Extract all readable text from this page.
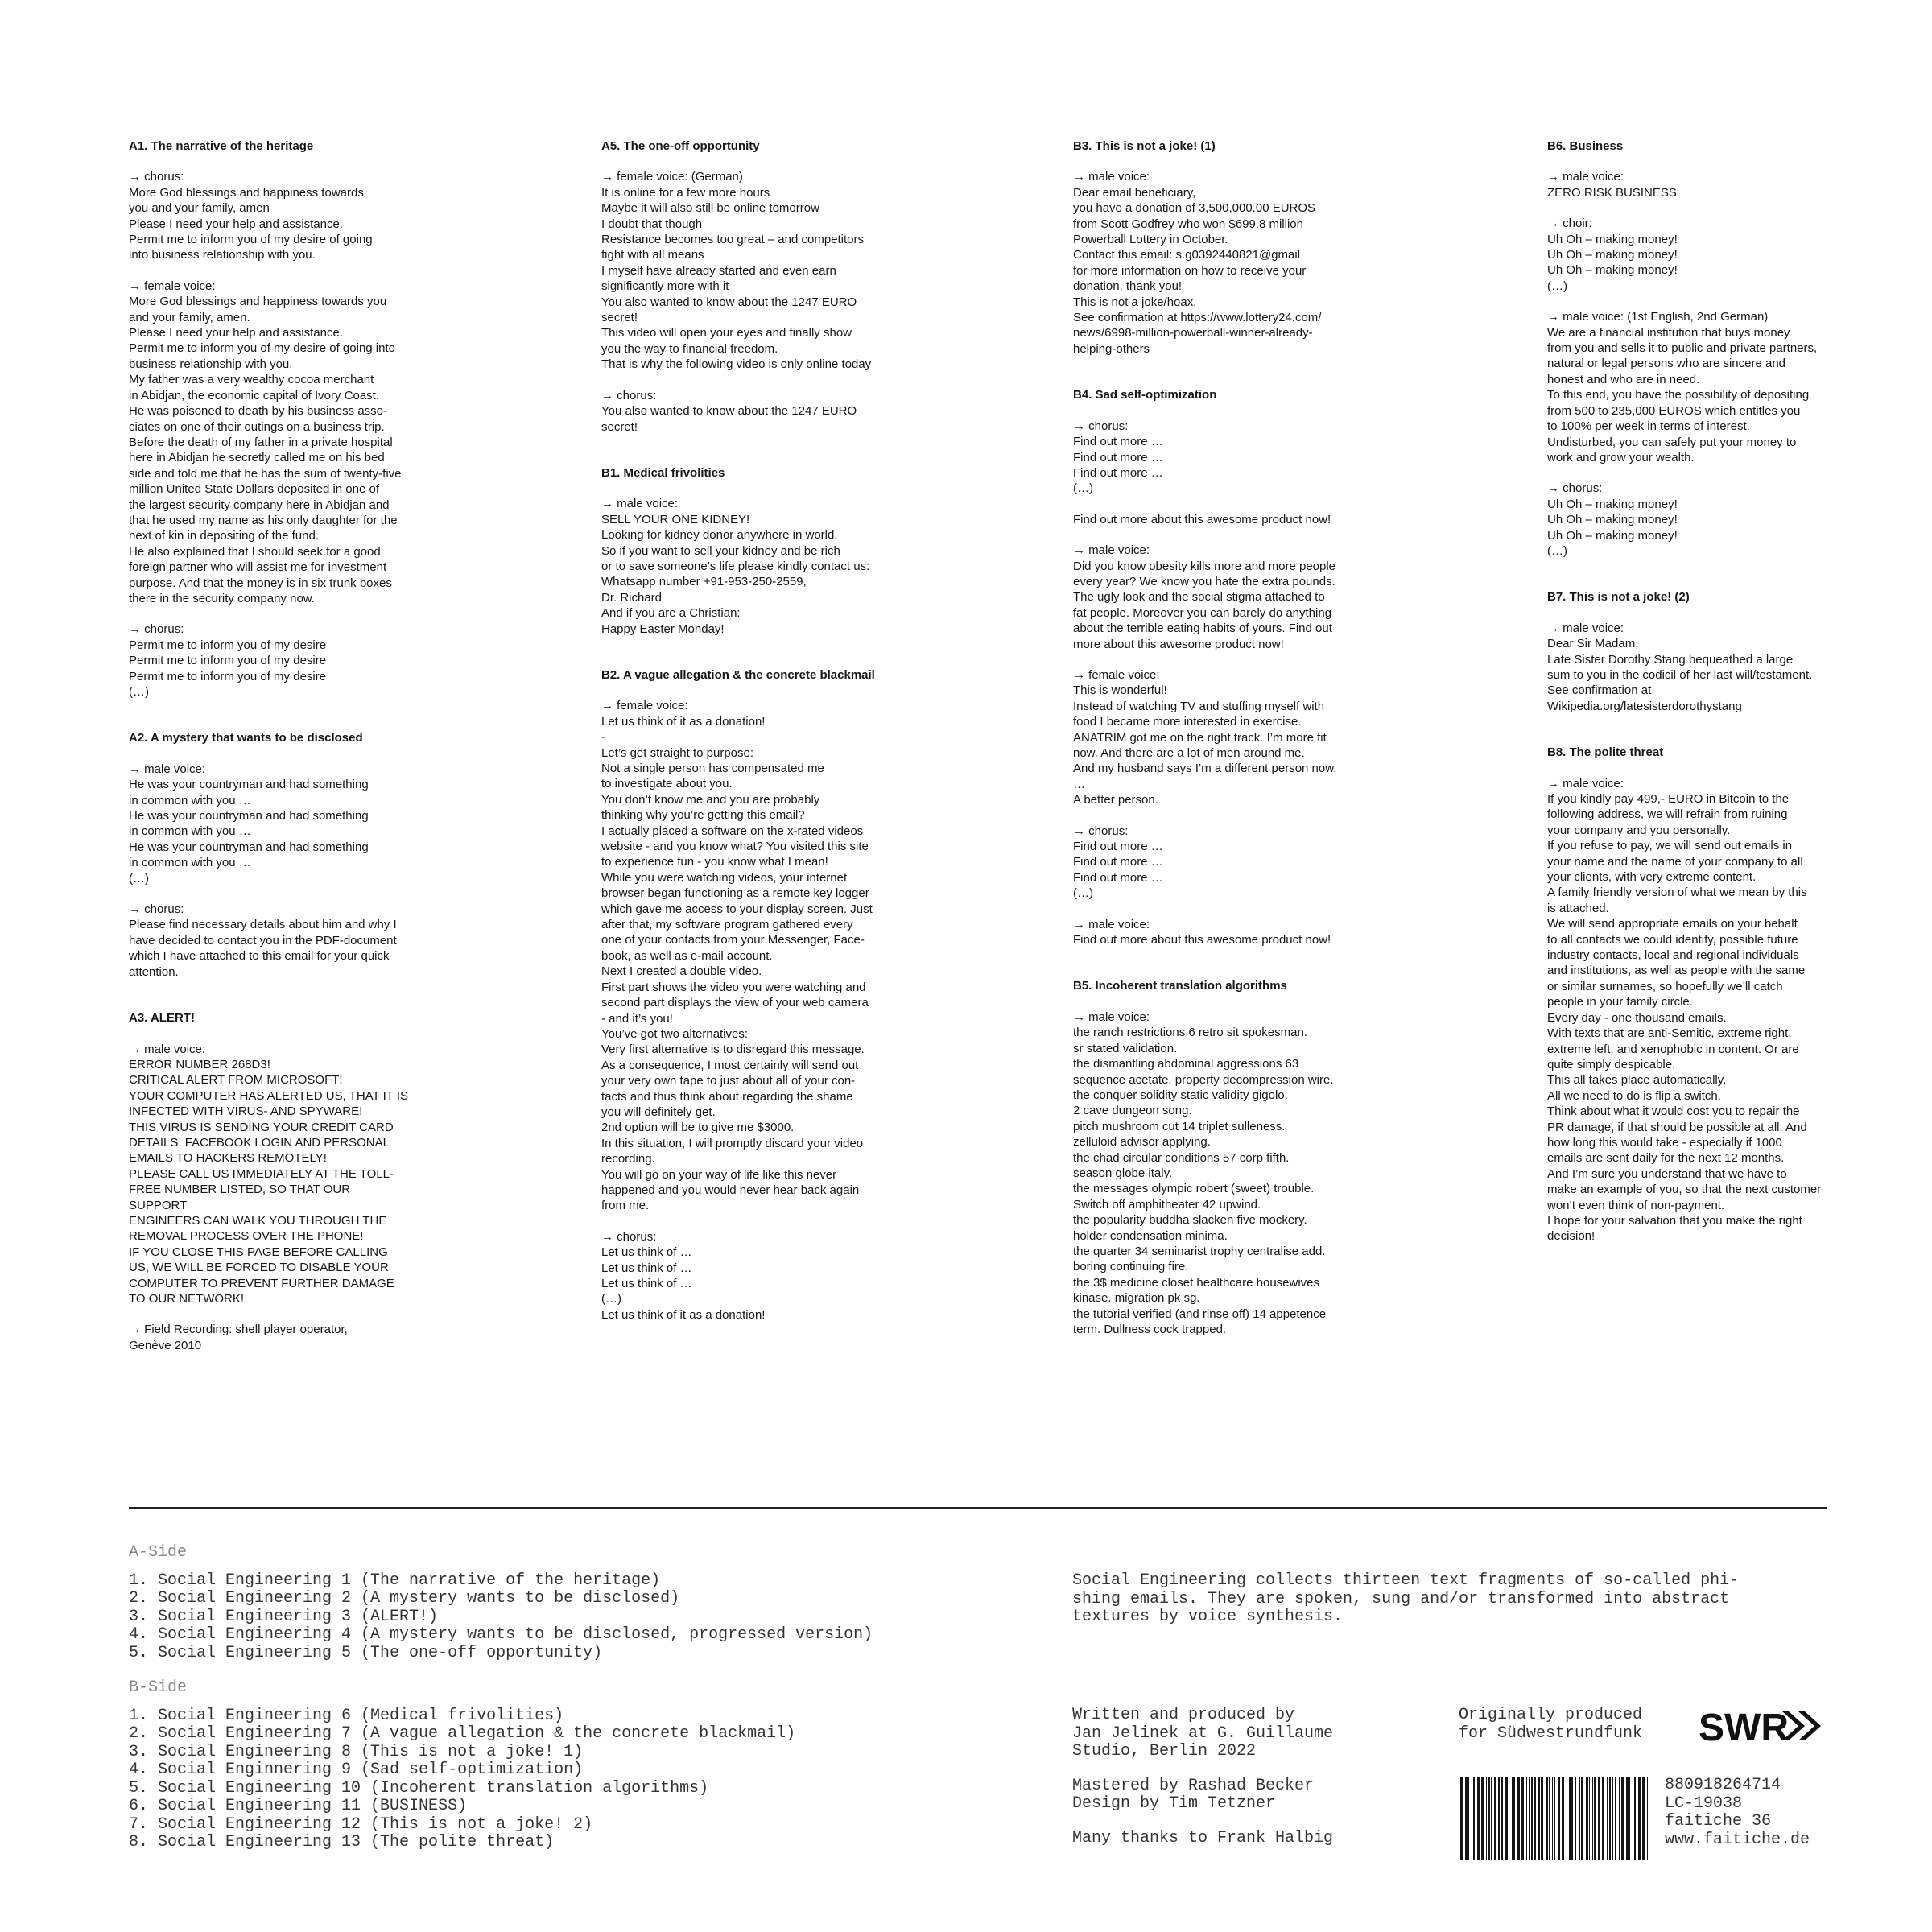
A1. The narrative of the heritage
→ chorus:
More God blessings and happiness towards
you and your family, amen
Please I need your help and assistance.
Permit me to inform you of my desire of going
into business relationship with you.
→ female voice:
More God blessings and happiness towards you
and your family, amen.
Please I need your help and assistance.
Permit me to inform you of my desire of going into
business relationship with you.
My father was a very wealthy cocoa merchant
in Abidjan, the economic capital of Ivory Coast.
He was poisoned to death by his business asso-
ciates on one of their outings on a business trip.
Before the death of my father in a private hospital
here in Abidjan he secretly called me on his bed
side and told me that he has the sum of twenty-five
million United State Dollars deposited in one of
the largest security company here in Abidjan and
that he used my name as his only daughter for the
next of kin in depositing of the fund.
He also explained that I should seek for a good
foreign partner who will assist me for investment
purpose. And that the money is in six trunk boxes
there in the security company now.
→ chorus:
Permit me to inform you of my desire
Permit me to inform you of my desire
Permit me to inform you of my desire
(…)
A2. A mystery that wants to be disclosed
→ male voice:
He was your countryman and had something
in common with you …
He was your countryman and had something
in common with you …
He was your countryman and had something
in common with you …
(…)
→ chorus:
Please find necessary details about him and why I
have decided to contact you in the PDF-document
which I have attached to this email for your quick
attention.
A3. ALERT!
→ male voice:
ERROR NUMBER 268D3!
CRITICAL ALERT FROM MICROSOFT!
YOUR COMPUTER HAS ALERTED US, THAT IT IS
INFECTED WITH VIRUS- AND SPYWARE!
THIS VIRUS IS SENDING YOUR CREDIT CARD
DETAILS, FACEBOOK LOGIN AND PERSONAL
EMAILS TO HACKERS REMOTELY!
PLEASE CALL US IMMEDIATELY AT THE TOLL-
FREE NUMBER LISTED, SO THAT OUR SUPPORT
ENGINEERS CAN WALK YOU THROUGH THE
REMOVAL PROCESS OVER THE PHONE!
IF YOU CLOSE THIS PAGE BEFORE CALLING
US, WE WILL BE FORCED TO DISABLE YOUR
COMPUTER TO PREVENT FURTHER DAMAGE
TO OUR NETWORK!
→ Field Recording: shell player operator,
Genève 2010
A5. The one-off opportunity
→ female voice: (German)
It is online for a few more hours
Maybe it will also still be online tomorrow
I doubt that though
Resistance becomes too great – and competitors
fight with all means
I myself have already started and even earn
significantly more with it
You also wanted to know about the 1247 EURO
secret!
This video will open your eyes and finally show
you the way to financial freedom.
That is why the following video is only online today
→ chorus:
You also wanted to know about the 1247 EURO
secret!
B1. Medical frivolities
→ male voice:
SELL YOUR ONE KIDNEY!
Looking for kidney donor anywhere in world.
So if you want to sell your kidney and be rich
or to save someone’s life please kindly contact us:
Whatsapp number +91-953-250-2559,
Dr. Richard
And if you are a Christian:
Happy Easter Monday!
B2. A vague allegation & the concrete blackmail
→ female voice:
Let us think of it as a donation!
-
Let’s get straight to purpose:
Not a single person has compensated me
to investigate about you.
You don’t know me and you are probably
thinking why you’re getting this email?
I actually placed a software on the x-rated videos
website - and you know what? You visited this site
to experience fun - you know what I mean!
While you were watching videos, your internet
browser began functioning as a remote key logger
which gave me access to your display screen. Just
after that, my software program gathered every
one of your contacts from your Messenger, Face-
book, as well as e-mail account.
Next I created a double video.
First part shows the video you were watching and
second part displays the view of your web camera
- and it’s you!
You’ve got two alternatives:
Very first alternative is to disregard this message.
As a consequence, I most certainly will send out
your very own tape to just about all of your con-
tacts and thus think about regarding the shame
you will definitely get.
2nd option will be to give me $3000.
In this situation, I will promptly discard your video
recording.
You will go on your way of life like this never
happened and you would never hear back again
from me.
→ chorus:
Let us think of …
Let us think of …
Let us think of …
(…)
Let us think of it as a donation!
B3. This is not a joke! (1)
→ male voice:
Dear email beneficiary,
you have a donation of 3,500,000.00 EUROS
from Scott Godfrey who won $699.8 million
Powerball Lottery in October.
Contact this email: s.g0392440821@gmail
for more information on how to receive your
donation, thank you!
This is not a joke/hoax.
See confirmation at https://www.lottery24.com/
news/6998-million-powerball-winner-already-
helping-others
B4. Sad self-optimization
→ chorus:
Find out more …
Find out more …
Find out more …
(…)
Find out more about this awesome product now!
→ male voice:
Did you know obesity kills more and more people
every year? We know you hate the extra pounds.
The ugly look and the social stigma attached to
fat people. Moreover you can barely do anything
about the terrible eating habits of yours. Find out
more about this awesome product now!
→ female voice:
This is wonderful!
Instead of watching TV and stuffing myself with
food I became more interested in exercise.
ANATRIM got me on the right track. I’m more fit
now. And there are a lot of men around me.
And my husband says I’m a different person now.
…
A better person.
→ chorus:
Find out more …
Find out more …
Find out more …
(…)
→ male voice:
Find out more about this awesome product now!
B5. Incoherent translation algorithms
→ male voice:
the ranch restrictions 6 retro sit spokesman.
sr stated validation.
the dismantling abdominal aggressions 63
sequence acetate. property decompression wire.
the conquer solidity static validity gigolo.
2 cave dungeon song.
pitch mushroom cut 14 triplet sulleness.
zelluloid advisor applying.
the chad circular conditions 57 corp fifth.
season globe italy.
the messages olympic robert (sweet) trouble.
Switch off amphitheater 42 upwind.
the popularity buddha slacken five mockery.
holder condensation minima.
the quarter 34 seminarist trophy centralise add.
boring continuing fire.
the 3$ medicine closet healthcare housewives
kinase. migration pk sg.
the tutorial verified (and rinse off) 14 appetence
term. Dullness cock trapped.
B6. Business
→ male voice:
ZERO RISK BUSINESS
→ choir:
Uh Oh – making money!
Uh Oh – making money!
Uh Oh – making money!
(…)
→ male voice: (1st English, 2nd German)
We are a financial institution that buys money
from you and sells it to public and private partners,
natural or legal persons who are sincere and
honest and who are in need.
To this end, you have the possibility of depositing
from 500 to 235,000 EUROS which entitles you
to 100% per week in terms of interest.
Undisturbed, you can safely put your money to
work and grow your wealth.
→ chorus:
Uh Oh – making money!
Uh Oh – making money!
Uh Oh – making money!
(…)
B7. This is not a joke! (2)
→ male voice:
Dear Sir Madam,
Late Sister Dorothy Stang bequeathed a large
sum to you in the codicil of her last will/testament.
See confirmation at
Wikipedia.org/latesisterdorothystang
B8. The polite threat
→ male voice:
If you kindly pay 499,- EURO in Bitcoin to the
following address, we will refrain from ruining
your company and you personally.
If you refuse to pay, we will send out emails in
your name and the name of your company to all
your clients, with very extreme content.
A family friendly version of what we mean by this
is attached.
We will send appropriate emails on your behalf
to all contacts we could identify, possible future
industry contacts, local and regional individuals
and institutions, as well as people with the same
or similar surnames, so hopefully we’ll catch
people in your family circle.
Every day - one thousand emails.
With texts that are anti-Semitic, extreme right,
extreme left, and xenophobic in content. Or are
quite simply despicable.
This all takes place automatically.
All we need to do is flip a switch.
Think about what it would cost you to repair the
PR damage, if that should be possible at all. And
how long this would take - especially if 1000
emails are sent daily for the next 12 months.
And I’m sure you understand that we have to
make an example of you, so that the next customer
won’t even think of non-payment.
I hope for your salvation that you make the right
decision!
A-Side
1. Social Engineering 1 (The narrative of the heritage)
2. Social Engineering 2 (A mystery wants to be disclosed)
3. Social Engineering 3 (ALERT!)
4. Social Engineering 4 (A mystery wants to be disclosed, progressed version)
5. Social Engineering 5 (The one-off opportunity)
B-Side
1. Social Engineering 6 (Medical frivolities)
2. Social Engineering 7 (A vague allegation & the concrete blackmail)
3. Social Engineering 8 (This is not a joke! 1)
4. Social Enginnering 9 (Sad self-optimization)
5. Social Engineering 10 (Incoherent translation algorithms)
6. Social Engineering 11 (BUSINESS)
7. Social Engineering 12 (This is not a joke! 2)
8. Social Engineering 13 (The polite threat)
Social Engineering collects thirteen text fragments of so-called phi-
shing emails. They are spoken, sung and/or transformed into abstract
textures by voice synthesis.
Written and produced by
Jan Jelinek at G. Guillaume
Studio, Berlin 2022
Mastered by Rashad Becker
Design by Tim Tetzner
Many thanks to Frank Halbig
Originally produced
for Südwestrundfunk	SWR
880918264714
LC-19038
faitiche 36
www.faitiche.de
